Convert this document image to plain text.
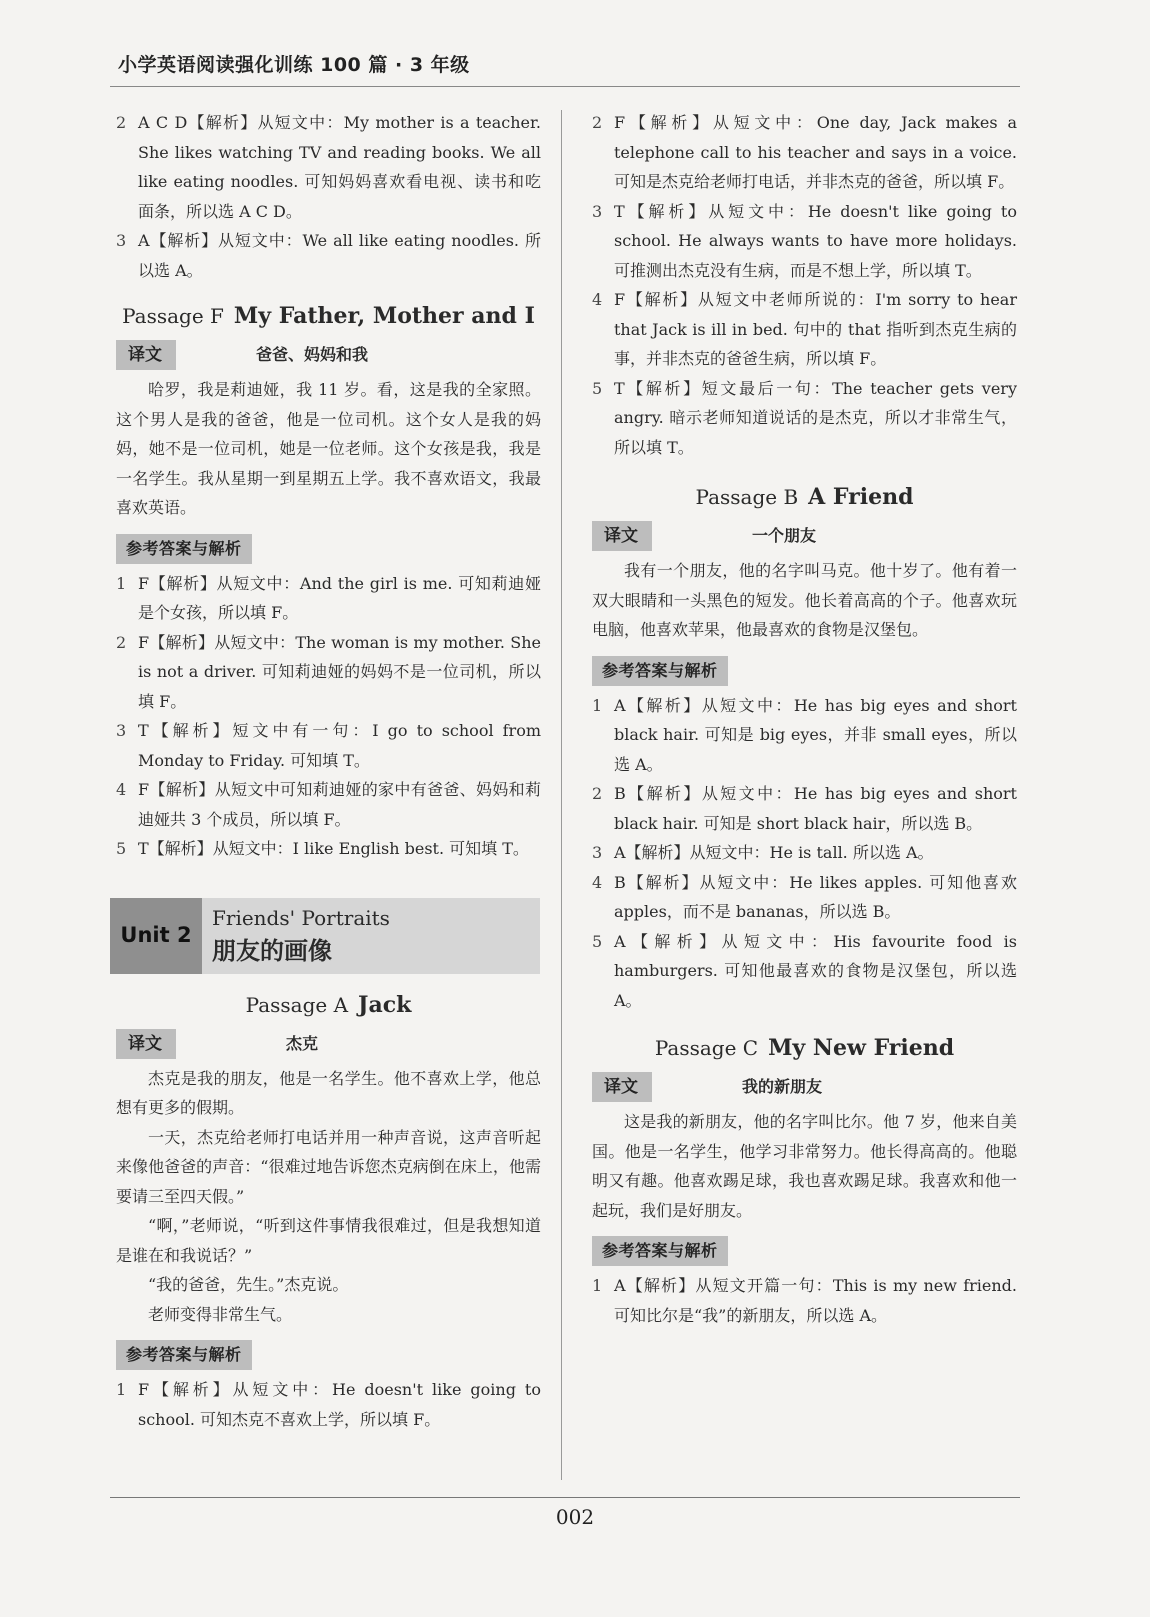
小学英语阅读强化训练 100 篇 · 3 年级
2 A C D【解析】从短文中：My mother is a teacher. She likes watching TV and reading books. We all like eating noodles. 可知妈妈喜欢看电视、读书和吃面条，所以选 A C D。
3 A【解析】从短文中：We all like eating noodles. 所以选 A。
Passage F My Father, Mother and I
译文	爸爸、妈妈和我

哈罗，我是莉迪娅，我 11 岁。看，这是我的全家照。这个男人是我的爸爸，他是一位司机。这个女人是我的妈妈，她不是一位司机，她是一位老师。这个女孩是我，我是一名学生。我从星期一到星期五上学。我不喜欢语文，我最喜欢英语。

参考答案与解析
1 F【解析】从短文中：And the girl is me. 可知莉迪娅是个女孩，所以填 F。
2 F【解析】从短文中：The woman is my mother. She is not a driver. 可知莉迪娅的妈妈不是一位司机，所以填 F。
3 T【解析】短文中有一句：I go to school from Monday to Friday. 可知填 T。
4 F【解析】从短文中可知莉迪娅的家中有爸爸、妈妈和莉迪娅共 3 个成员，所以填 F。
5 T【解析】从短文中：I like English best. 可知填 T。
Unit 2
Friends' Portraits
朋友的画像
Passage A Jack
译文	杰克

杰克是我的朋友，他是一名学生。他不喜欢上学，他总想有更多的假期。

一天，杰克给老师打电话并用一种声音说，这声音听起来像他爸爸的声音：“很难过地告诉您杰克病倒在床上，他需要请三至四天假。”

“啊，”老师说，“听到这件事情我很难过，但是我想知道是谁在和我说话？”

“我的爸爸，先生。”杰克说。

老师变得非常生气。

参考答案与解析
1 F【解析】从短文中：He doesn't like going to school. 可知杰克不喜欢上学，所以填 F。
2 F【解析】从短文中：One day, Jack makes a telephone call to his teacher and says in a voice. 可知是杰克给老师打电话，并非杰克的爸爸，所以填 F。
3 T【解析】从短文中：He doesn't like going to school. He always wants to have more holidays. 可推测出杰克没有生病，而是不想上学，所以填 T。
4 F【解析】从短文中老师所说的：I'm sorry to hear that Jack is ill in bed. 句中的 that 指听到杰克生病的事，并非杰克的爸爸生病，所以填 F。
5 T【解析】短文最后一句：The teacher gets very angry. 暗示老师知道说话的是杰克，所以才非常生气，所以填 T。
Passage B A Friend
译文	一个朋友

我有一个朋友，他的名字叫马克。他十岁了。他有着一双大眼睛和一头黑色的短发。他长着高高的个子。他喜欢玩电脑，他喜欢苹果，他最喜欢的食物是汉堡包。

参考答案与解析
1 A【解析】从短文中：He has big eyes and short black hair. 可知是 big eyes，并非 small eyes，所以选 A。
2 B【解析】从短文中：He has big eyes and short black hair. 可知是 short black hair，所以选 B。
3 A【解析】从短文中：He is tall. 所以选 A。
4 B【解析】从短文中：He likes apples. 可知他喜欢 apples，而不是 bananas，所以选 B。
5 A【解析】从短文中：His favourite food is hamburgers. 可知他最喜欢的食物是汉堡包，所以选 A。
Passage C My New Friend
译文	我的新朋友

这是我的新朋友，他的名字叫比尔。他 7 岁，他来自美国。他是一名学生，他学习非常努力。他长得高高的。他聪明又有趣。他喜欢踢足球，我也喜欢踢足球。我喜欢和他一起玩，我们是好朋友。

参考答案与解析
1 A【解析】从短文开篇一句：This is my new friend. 可知比尔是“我”的新朋友，所以选 A。
002
